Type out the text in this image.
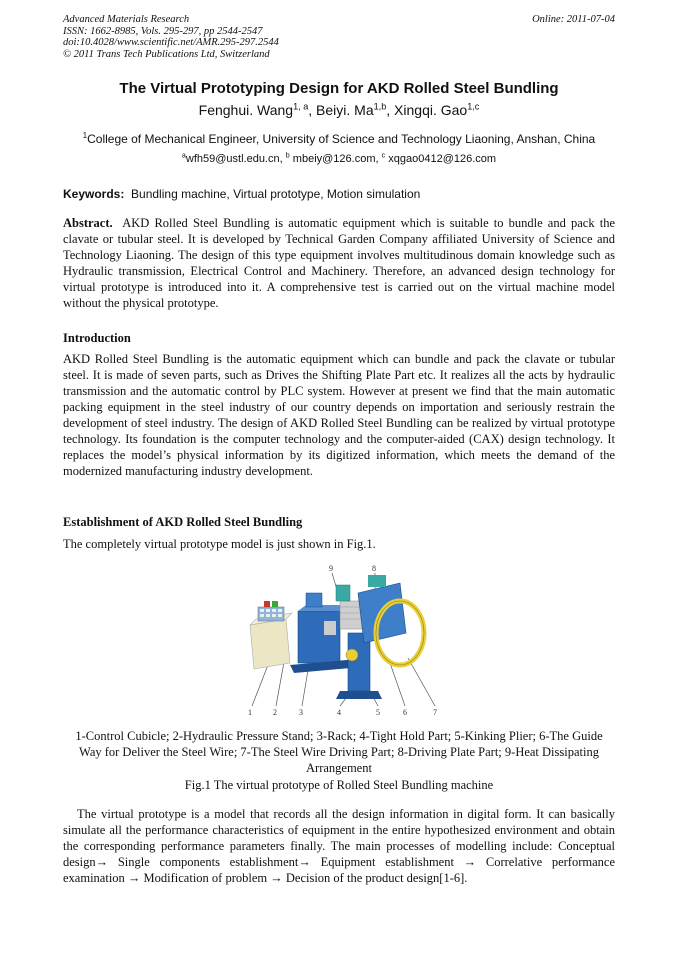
Advanced Materials Research
ISSN: 1662-8985, Vols. 295-297, pp 2544-2547
doi:10.4028/www.scientific.net/AMR.295-297.2544
© 2011 Trans Tech Publications Ltd, Switzerland
Online: 2011-07-04
The Virtual Prototyping Design for AKD Rolled Steel Bundling
Fenghui. Wang$^{1, a}$, Beiyi. Ma$^{1,b}$, Xingqi. Gao$^{1,c}$
$^1$College of Mechanical Engineer, University of Science and Technology Liaoning, Anshan, China
$^a$wfh59@ustl.edu.cn, $^b$ mbeiy@126.com, $^c$ xqgao0412@126.com
Keywords: Bundling machine, Virtual prototype, Motion simulation
Abstract. AKD Rolled Steel Bundling is automatic equipment which is suitable to bundle and pack the clavate or tubular steel. It is developed by Technical Garden Company affiliated University of Science and Technology Liaoning. The design of this type equipment involves multitudinous domain knowledge such as Hydraulic transmission, Electrical Control and Machinery. Therefore, an advanced design technology for virtual prototype is introduced into it. A comprehensive test is carried out on the virtual machine model without the physical prototype.
Introduction
AKD Rolled Steel Bundling is the automatic equipment which can bundle and pack the clavate or tubular steel. It is made of seven parts, such as Drives the Shifting Plate Part etc. It realizes all the acts by hydraulic transmission and the automatic control by PLC system. However at present we find that the main automatic packing equipment in the steel industry of our country depends on importation and seriously restrain the development of steel industry. The design of AKD Rolled Steel Bundling can be realized by virtual prototype technology. Its foundation is the computer technology and the computer-aided (CAX) design technology. It replaces the model’s physical information by its digitized information, which meets the demand of the modernized manufacturing industry development.
Establishment of AKD Rolled Steel Bundling
The completely virtual prototype model is just shown in Fig.1.
1	2	3	4	5	6	7
8
9
1-Control Cubicle; 2-Hydraulic Pressure Stand; 3-Rack; 4-Tight Hold Part; 5-Kinking Plier; 6-The Guide Way for Deliver the Steel Wire; 7-The Steel Wire Driving Part; 8-Driving Plate Part; 9-Heat Dissipating Arrangement
Fig.1 The virtual prototype of Rolled Steel Bundling machine
The virtual prototype is a model that records all the design information in digital form. It can basically simulate all the performance characteristics of equipment in the entire hypothesized environment and obtain the corresponding performance parameters finally. The main processes of modelling include: Conceptual design→ Single components establishment→ Equipment establishment → Correlative performance examination → Modification of problem → Decision of the product design[1-6].
